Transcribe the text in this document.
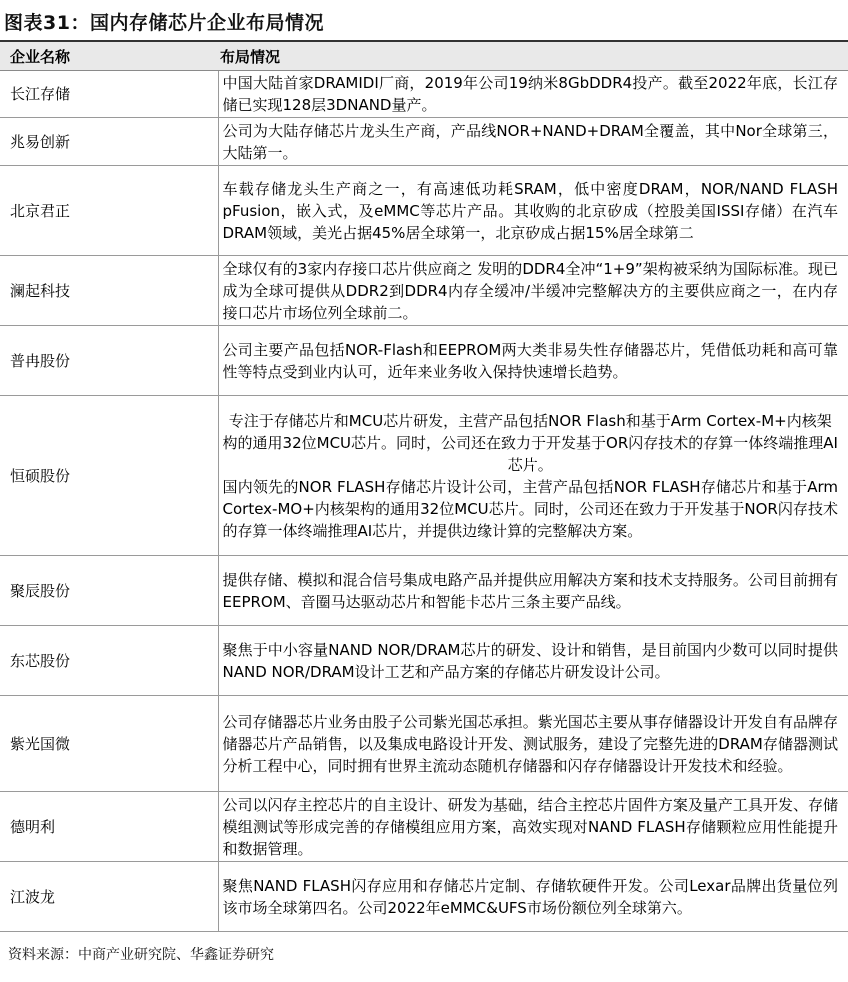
图表31：国内存储芯片企业布局情况
企业名称	布局情况
长江存储	中国大陆首家DRAMIDI厂商，2019年公司19纳米8GbDDR4投产。截至2022年底，长江存储已实现128层3DNAND量产。

兆易创新	公司为大陆存储芯片龙头生产商，产品线NOR+NAND+DRAM全覆盖，其中Nor全球第三，大陆第一。

北京君正	车载存储龙头生产商之一，有高速低功耗SRAM，低中密度DRAM，NOR/NAND FLASH pFusion，嵌入式，及eMMC等芯片产品。其收购的北京矽成（控股美国ISSI存储）在汽车DRAM领域，美光占据45%居全球第一，北京矽成占据15%居全球第二

澜起科技	全球仅有的3家内存接口芯片供应商之 发明的DDR4全冲“1+9”架构被采纳为国际标准。现已成为全球可提供从DDR2到DDR4内存全缓冲/半缓冲完整解决方的主要供应商之一，在内存接口芯片市场位列全球前二。

普冉股份	公司主要产品包括NOR-Flash和EEPROM两大类非易失性存储器芯片，凭借低功耗和高可靠性等特点受到业内认可，近年来业务收入保持快速增长趋势。

恒硕股份	专注于存储芯片和MCU芯片研发，主营产品包括NOR Flash和基于Arm Cortex-M+内核架构的通用32位MCU芯片。同时，公司还在致力于开发基于OR闪存技术的存算一体终端推理AI芯片。
国内领先的NOR FLASH存储芯片设计公司，主营产品包括NOR FLASH存储芯片和基于Arm Cortex-MO+内核架构的通用32位MCU芯片。同时，公司还在致力于开发基于NOR闪存技术的存算一体终端推理AI芯片，并提供边缘计算的完整解决方案。

聚辰股份	提供存储、模拟和混合信号集成电路产品并提供应用解决方案和技术支持服务。公司目前拥有EEPROM、音圈马达驱动芯片和智能卡芯片三条主要产品线。

东芯股份	聚焦于中小容量NAND NOR/DRAM芯片的研发、设计和销售，是目前国内少数可以同时提供NAND NOR/DRAM设计工艺和产品方案的存储芯片研发设计公司。

紫光国微	公司存储器芯片业务由股子公司紫光国芯承担。紫光国芯主要从事存储器设计开发自有品牌存储器芯片产品销售，以及集成电路设计开发、测试服务，建设了完整先进的DRAM存储器测试分析工程中心，同时拥有世界主流动态随机存储器和闪存存储器设计开发技术和经验。

德明利	公司以闪存主控芯片的自主设计、研发为基础，结合主控芯片固件方案及量产工具开发、存储模组测试等形成完善的存储模组应用方案，高效实现对NAND FLASH存储颗粒应用性能提升和数据管理。

江波龙	聚焦NAND FLASH闪存应用和存储芯片定制、存储软硬件开发。公司Lexar品牌出货量位列该市场全球第四名。公司2022年eMMC&UFS市场份额位列全球第六。
资料来源：中商产业研究院、华鑫证券研究
